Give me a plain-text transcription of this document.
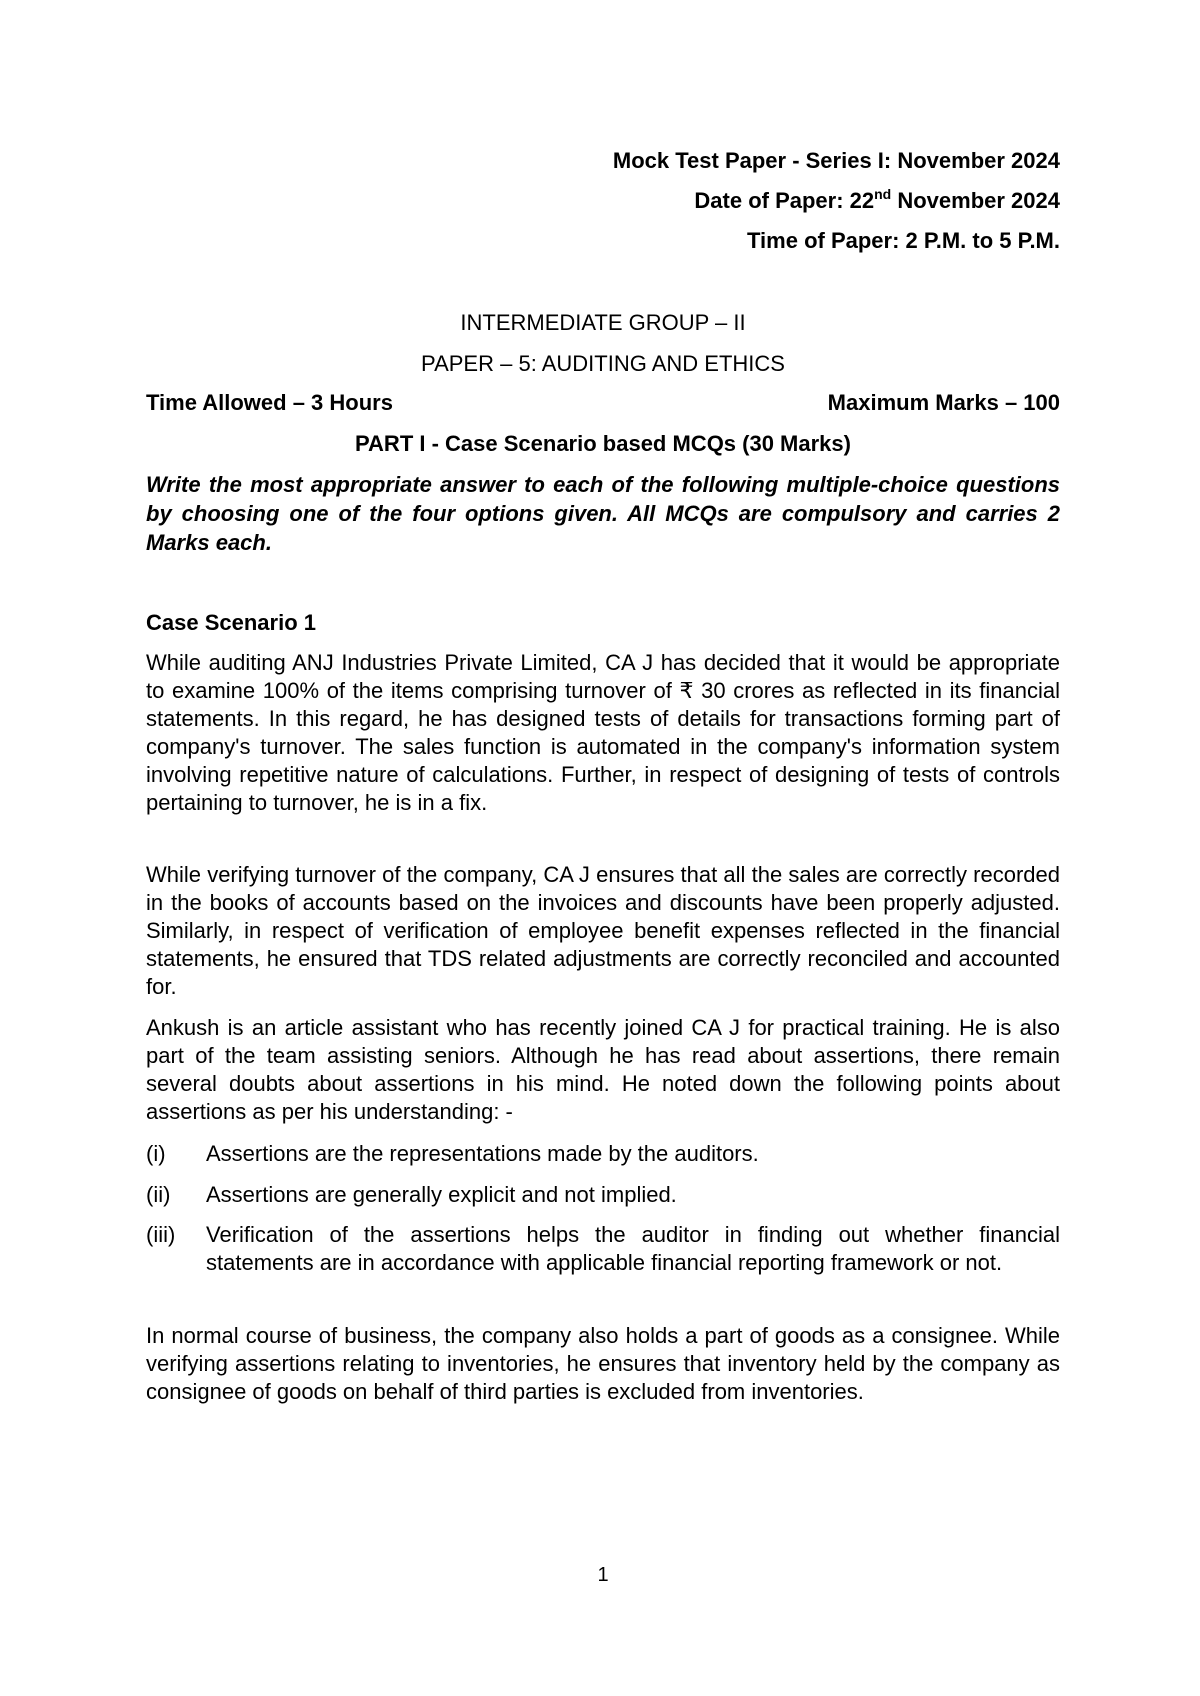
Mock Test Paper - Series I: November 2024
Date of Paper: 22nd November 2024
Time of Paper: 2 P.M. to 5 P.M.
INTERMEDIATE GROUP – II
PAPER – 5: AUDITING AND ETHICS
Time Allowed – 3 Hours	Maximum Marks – 100
PART I - Case Scenario based MCQs (30 Marks)
Write the most appropriate answer to each of the following multiple-choice questions by choosing one of the four options given. All MCQs are compulsory and carries 2 Marks each.
Case Scenario 1
While auditing ANJ Industries Private Limited, CA J has decided that it would be appropriate to examine 100% of the items comprising turnover of ₹ 30 crores as reflected in its financial statements. In this regard, he has designed tests of details for transactions forming part of company's turnover. The sales function is automated in the company's information system involving repetitive nature of calculations. Further, in respect of designing of tests of controls pertaining to turnover, he is in a fix.
While verifying turnover of the company, CA J ensures that all the sales are correctly recorded in the books of accounts based on the invoices and discounts have been properly adjusted. Similarly, in respect of verification of employee benefit expenses reflected in the financial statements, he ensured that TDS related adjustments are correctly reconciled and accounted for.
Ankush is an article assistant who has recently joined CA J for practical training. He is also part of the team assisting seniors. Although he has read about assertions, there remain several doubts about assertions in his mind. He noted down the following points about assertions as per his understanding: -
(i)	Assertions are the representations made by the auditors.
(ii)	Assertions are generally explicit and not implied.
(iii)	Verification of the assertions helps the auditor in finding out whether financial statements are in accordance with applicable financial reporting framework or not.
In normal course of business, the company also holds a part of goods as a consignee. While verifying assertions relating to inventories, he ensures that inventory held by the company as consignee of goods on behalf of third parties is excluded from inventories.
1
